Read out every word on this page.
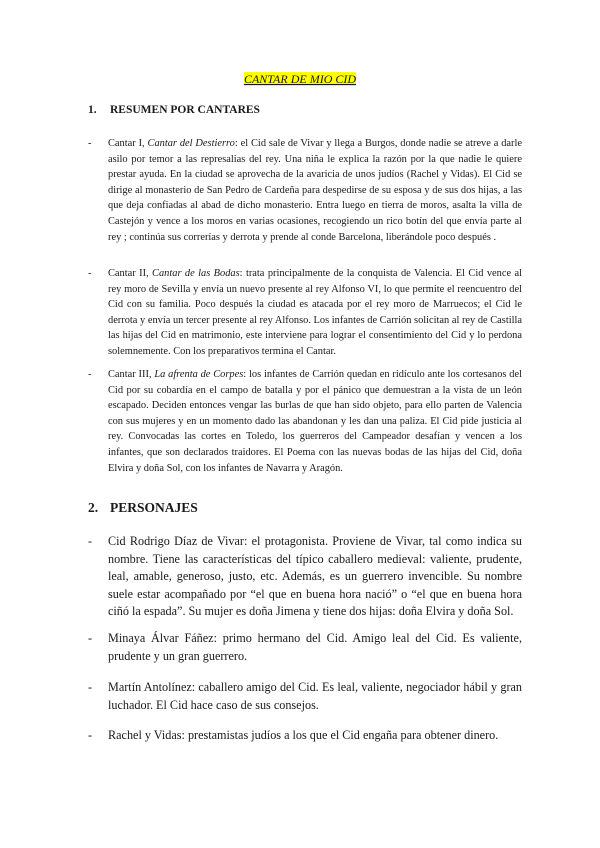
CANTAR DE MIO CID
1. RESUMEN POR CANTARES
- Cantar I, Cantar del Destierro: el Cid sale de Vivar y llega a Burgos, donde nadie se atreve a darle asilo por temor a las represalias del rey. Una niña le explica la razón por la que nadie le quiere prestar ayuda. En la ciudad se aprovecha de la avaricia de unos judíos (Rachel y Vidas). El Cid se dirige al monasterio de San Pedro de Cardeña para despedirse de su esposa y de sus dos hijas, a las que deja confiadas al abad de dicho monasterio. Entra luego en tierra de moros, asalta la villa de Castejón y vence a los moros en varias ocasiones, recogiendo un rico botín del que envía parte al rey ; continúa sus correrías y derrota y prende al conde Barcelona, liberándole poco después .
- Cantar II, Cantar de las Bodas: trata principalmente de la conquista de Valencia. El Cid vence al rey moro de Sevilla y envía un nuevo presente al rey Alfonso VI, lo que permite el reencuentro del Cid con su familia. Poco después la ciudad es atacada por el rey moro de Marruecos; el Cid le derrota y envía un tercer presente al rey Alfonso. Los infantes de Carrión solicitan al rey de Castilla las hijas del Cid en matrimonio, este interviene para lograr el consentimiento del Cid y lo perdona solemnemente. Con los preparativos termina el Cantar.
- Cantar III, La afrenta de Corpes: los infantes de Carrión quedan en ridículo ante los cortesanos del Cid por su cobardía en el campo de batalla y por el pánico que demuestran a la vista de un león escapado. Deciden entonces vengar las burlas de que han sido objeto, para ello parten de Valencia con sus mujeres y en un momento dado las abandonan y les dan una paliza. El Cid pide justicia al rey. Convocadas las cortes en Toledo, los guerreros del Campeador desafían y vencen a los infantes, que son declarados traidores. El Poema con las nuevas bodas de las hijas del Cid, doña Elvira y doña Sol, con los infantes de Navarra y Aragón.
2. PERSONAJES
- Cid Rodrigo Díaz de Vivar: el protagonista. Proviene de Vivar, tal como indica su nombre. Tiene las características del típico caballero medieval: valiente, prudente, leal, amable, generoso, justo, etc. Además, es un guerrero invencible. Su nombre suele estar acompañado por “el que en buena hora nació” o “el que en buena hora ciñó la espada”. Su mujer es doña Jimena y tiene dos hijas: doña Elvira y doña Sol.
- Minaya Álvar Fáñez: primo hermano del Cid. Amigo leal del Cid. Es valiente, prudente y un gran guerrero.
- Martín Antolínez: caballero amigo del Cid. Es leal, valiente, negociador hábil y gran luchador. El Cid hace caso de sus consejos.
- Rachel y Vidas: prestamistas judíos a los que el Cid engaña para obtener dinero.
